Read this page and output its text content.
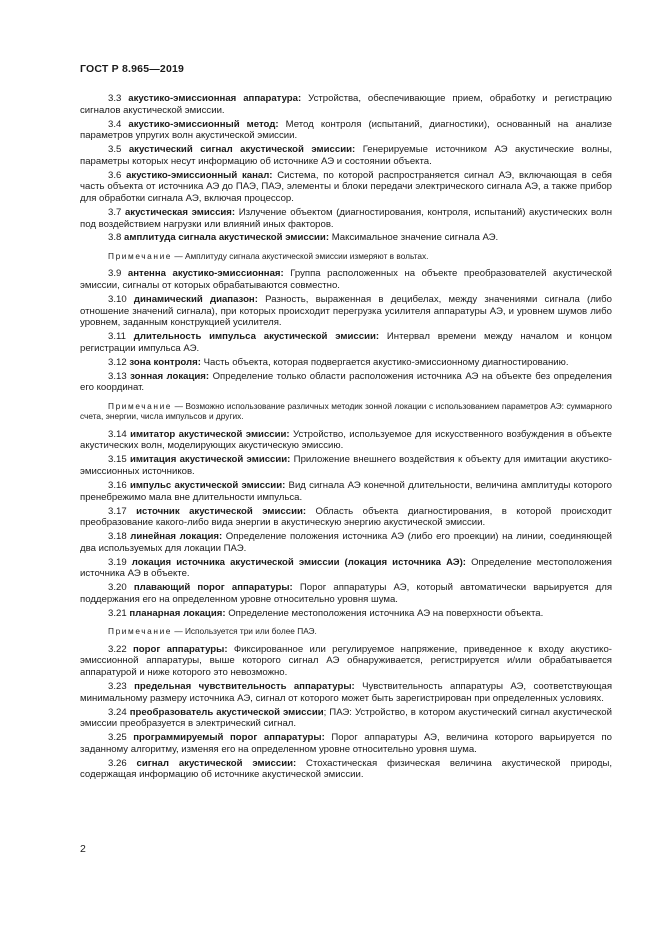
ГОСТ Р 8.965—2019

3.3 акустико-эмиссионная аппаратура: Устройства, обеспечивающие прием, обработку и регистрацию сигналов акустической эмиссии.

3.4 акустико-эмиссионный метод: Метод контроля (испытаний, диагностики), основанный на анализе параметров упругих волн акустической эмиссии.

3.5 акустический сигнал акустической эмиссии: Генерируемые источником АЭ акустические волны, параметры которых несут информацию об источнике АЭ и состоянии объекта.

3.6 акустико-эмиссионный канал: Система, по которой распространяется сигнал АЭ, включающая в себя часть объекта от источника АЭ до ПАЭ, ПАЭ, элементы и блоки передачи электрического сигнала АЭ, а также прибор для обработки сигнала АЭ, включая процессор.

3.7 акустическая эмиссия: Излучение объектом (диагностирования, контроля, испытаний) акустических волн под воздействием нагрузки или влияний иных факторов.

3.8 амплитуда сигнала акустической эмиссии: Максимальное значение сигнала АЭ.

Примечание — Амплитуду сигнала акустической эмиссии измеряют в вольтах.

3.9 антенна акустико-эмиссионная: Группа расположенных на объекте преобразователей акустической эмиссии, сигналы от которых обрабатываются совместно.

3.10 динамический диапазон: Разность, выраженная в децибелах, между значениями сигнала (либо отношение значений сигнала), при которых происходит перегрузка усилителя аппаратуры АЭ, и уровнем шумов либо уровнем, заданным конструкцией усилителя.

3.11 длительность импульса акустической эмиссии: Интервал времени между началом и концом регистрации импульса АЭ.

3.12 зона контроля: Часть объекта, которая подвергается акустико-эмиссионному диагностированию.

3.13 зонная локация: Определение только области расположения источника АЭ на объекте без определения его координат.

Примечание — Возможно использование различных методик зонной локации с использованием параметров АЭ: суммарного счета, энергии, числа импульсов и других.

3.14 имитатор акустической эмиссии: Устройство, используемое для искусственного возбуждения в объекте акустических волн, моделирующих акустическую эмиссию.

3.15 имитация акустической эмиссии: Приложение внешнего воздействия к объекту для имитации акустико-эмиссионных источников.

3.16 импульс акустической эмиссии: Вид сигнала АЭ конечной длительности, величина амплитуды которого пренебрежимо мала вне длительности импульса.

3.17 источник акустической эмиссии: Область объекта диагностирования, в которой происходит преобразование какого-либо вида энергии в акустическую энергию акустической эмиссии.

3.18 линейная локация: Определение положения источника АЭ (либо его проекции) на линии, соединяющей два используемых для локации ПАЭ.

3.19 локация источника акустической эмиссии (локация источника АЭ): Определение местоположения источника АЭ в объекте.

3.20 плавающий порог аппаратуры: Порог аппаратуры АЭ, который автоматически варьируется для поддержания его на определенном уровне относительно уровня шума.

3.21 планарная локация: Определение местоположения источника АЭ на поверхности объекта.

Примечание — Используется три или более ПАЭ.

3.22 порог аппаратуры: Фиксированное или регулируемое напряжение, приведенное к входу акустико-эмиссионной аппаратуры, выше которого сигнал АЭ обнаруживается, регистрируется и/или обрабатывается аппаратурой и ниже которого это невозможно.

3.23 предельная чувствительность аппаратуры: Чувствительность аппаратуры АЭ, соответствующая минимальному размеру источника АЭ, сигнал от которого может быть зарегистрирован при определенных условиях.

3.24 преобразователь акустической эмиссии; ПАЭ: Устройство, в котором акустический сигнал акустической эмиссии преобразуется в электрический сигнал.

3.25 программируемый порог аппаратуры: Порог аппаратуры АЭ, величина которого варьируется по заданному алгоритму, изменяя его на определенном уровне относительно уровня шума.

3.26 сигнал акустической эмиссии: Стохастическая физическая величина акустической природы, содержащая информацию об источнике акустической эмиссии.

2
